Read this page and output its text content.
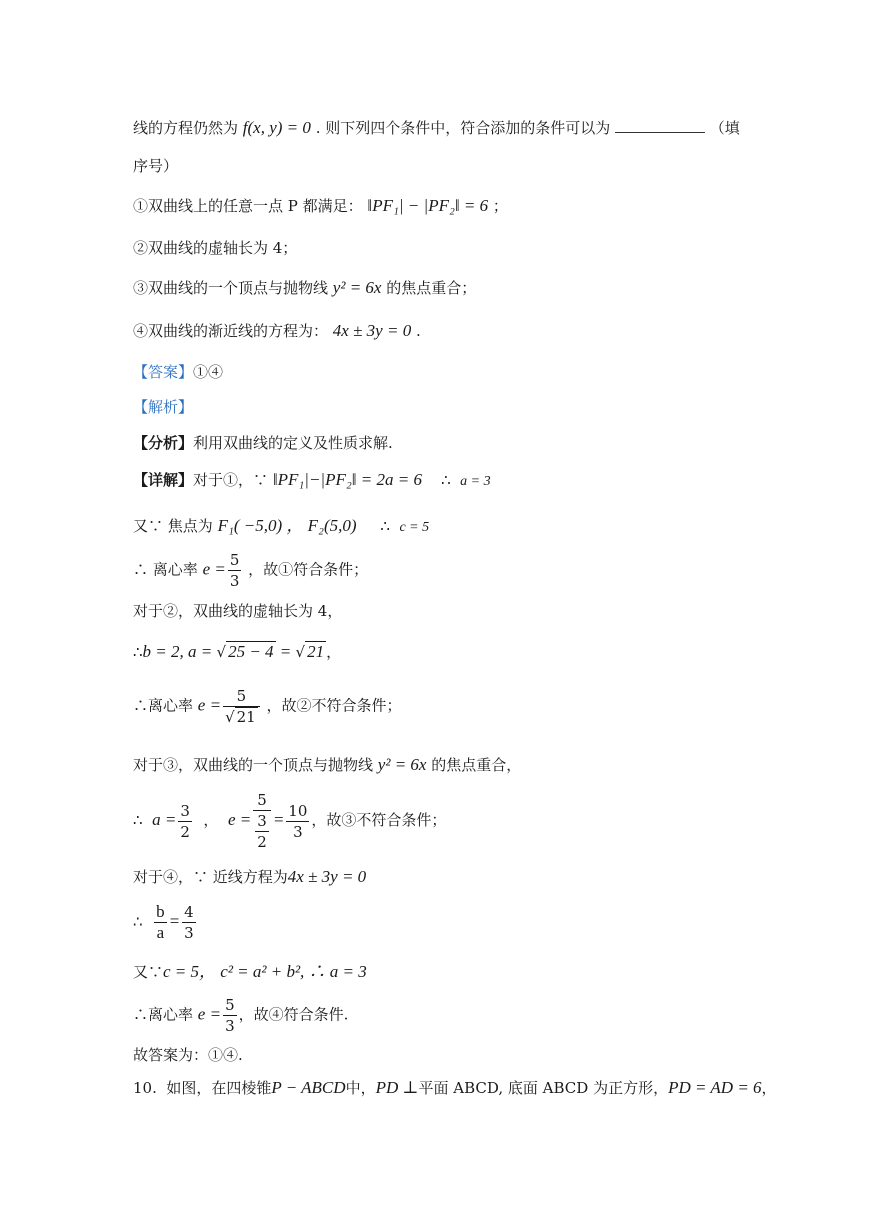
线的方程仍然为 f(x, y) = 0 . 则下列四个条件中，符合添加的条件可以为	（填
序号）
①双曲线上的任意一点 P 都满足： ‖PF₁| − |PF₂‖ = 6 ；
②双曲线的虚轴长为 4；
③双曲线的一个顶点与抛物线 y² = 6x 的焦点重合；
④双曲线的渐近线的方程为： 4x ± 3y = 0 .
【答案】①④
【解析】
【分析】利用双曲线的定义及性质求解.
【详解】对于①，∵ ‖PF₁|−|PF₂‖ = 2a = 6 ∴ a = 3
又∵ 焦点为 F₁( −5,0) ， F₂(5,0) ∴ c = 5
∴ 离心率 $e = \frac{5}{3}$ ，故①符合条件；
对于②，双曲线的虚轴长为 4，
∴b = 2, a = √ 25 − 4 = √ 21 ，
∴离心率 $e = \frac{5}{√ 21}$ ，故②不符合条件；
对于③，双曲线的一个顶点与抛物线 y² = 6x 的焦点重合，
∴ $a = \frac{3}{2}$ ， $e = \frac{5}{\frac{3}{2}} = \frac{10}{3}$ ，故③不符合条件；
对于④，∵ 近线方程为4x ± 3y = 0
∴ $\frac{b}{a} = \frac{4}{3}$
又∵c = 5， c² = a² + b², ∴ a = 3
∴离心率 $e = \frac{5}{3}$ ，故④符合条件.
故答案为：①④.
10. 如图，在四棱锥P − ABCD中，PD ⊥平面 ABCD, 底面 ABCD 为正方形，PD = AD = 6，
